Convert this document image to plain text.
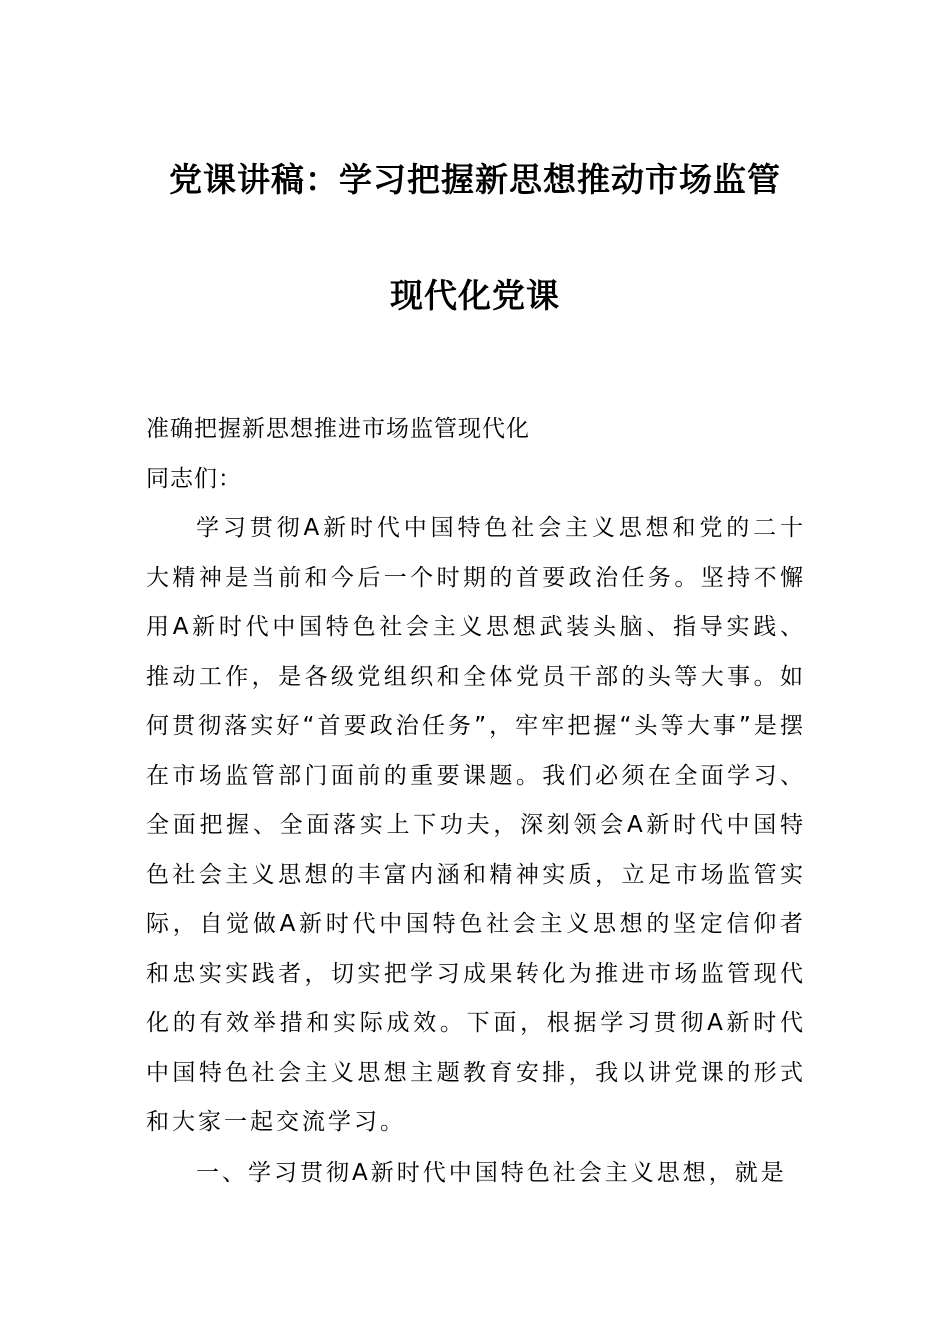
党课讲稿：学习把握新思想推动市场监管
现代化党课

准确把握新思想推进市场监管现代化

同志们：

学习贯彻A新时代中国特色社会主义思想和党的二十大精神是当前和今后一个时期的首要政治任务。坚持不懈用A新时代中国特色社会主义思想武装头脑、指导实践、推动工作，是各级党组织和全体党员干部的头等大事。如何贯彻落实好“首要政治任务”，牢牢把握“头等大事”是摆在市场监管部门面前的重要课题。我们必须在全面学习、全面把握、全面落实上下功夫，深刻领会A新时代中国特色社会主义思想的丰富内涵和精神实质，立足市场监管实际，自觉做A新时代中国特色社会主义思想的坚定信仰者和忠实实践者，切实把学习成果转化为推进市场监管现代化的有效举措和实际成效。下面，根据学习贯彻A新时代中国特色社会主义思想主题教育安排，我以讲党课的形式和大家一起交流学习。

一、学习贯彻A新时代中国特色社会主义思想，就是
